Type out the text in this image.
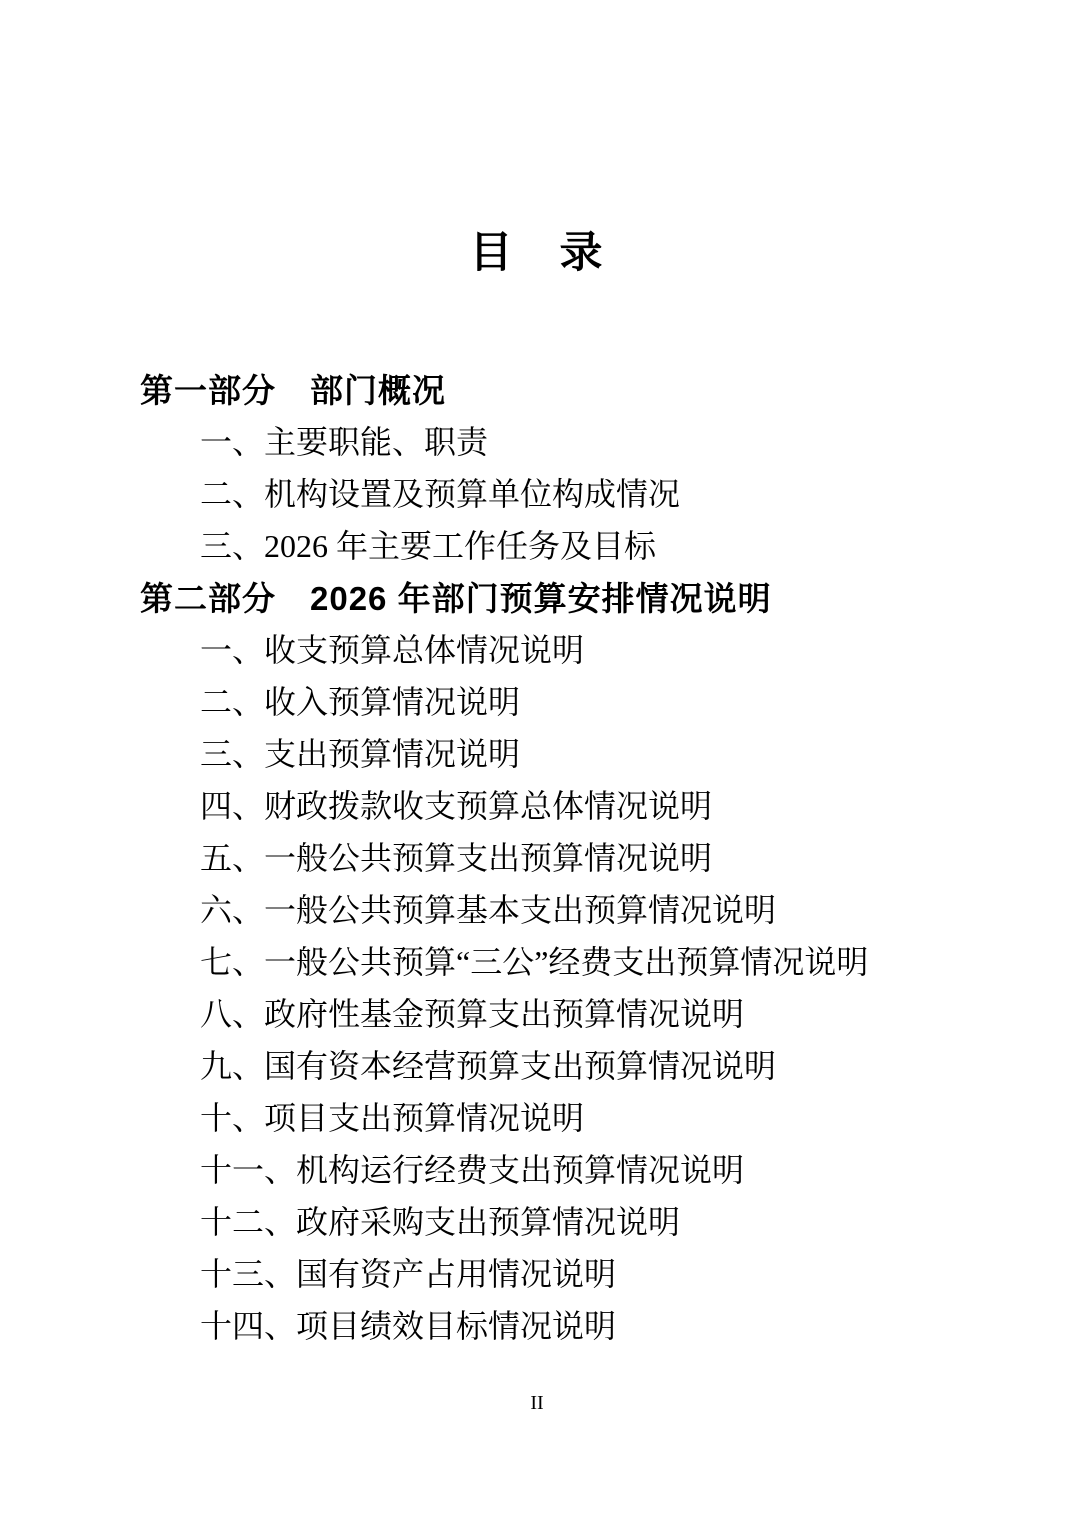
目　录
第一部分　部门概况
一、主要职能、职责
二、机构设置及预算单位构成情况
三、2026 年主要工作任务及目标
第二部分　2026 年部门预算安排情况说明
一、收支预算总体情况说明
二、收入预算情况说明
三、支出预算情况说明
四、财政拨款收支预算总体情况说明
五、一般公共预算支出预算情况说明
六、一般公共预算基本支出预算情况说明
七、一般公共预算“三公”经费支出预算情况说明
八、政府性基金预算支出预算情况说明
九、国有资本经营预算支出预算情况说明
十、项目支出预算情况说明
十一、机构运行经费支出预算情况说明
十二、政府采购支出预算情况说明
十三、国有资产占用情况说明
十四、项目绩效目标情况说明
II
